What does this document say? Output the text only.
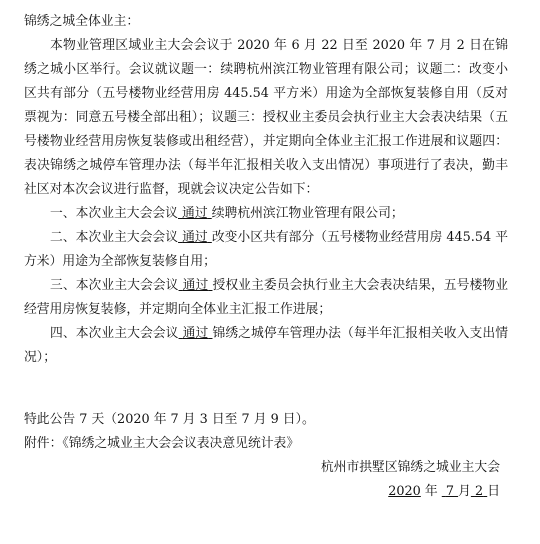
锦绣之城全体业主：

本物业管理区域业主大会会议于 2020 年 6 月 22 日至 2020 年 7 月 2 日在锦绣之城小区举行。会议就议题一：续聘杭州滨江物业管理有限公司；议题二：改变小区共有部分（五号楼物业经营用房 445.54 平方米）用途为全部恢复装修自用（反对票视为：同意五号楼全部出租）；议题三：授权业主委员会执行业主大会表决结果（五号楼物业经营用房恢复装修或出租经营），并定期向全体业主汇报工作进展和议题四：表决锦绣之城停车管理办法（每半年汇报相关收入支出情况）事项进行了表决，勤丰社区对本次会议进行监督，现就会议决定公告如下：

一、本次业主大会会议 通过 续聘杭州滨江物业管理有限公司；

二、本次业主大会会议 通过 改变小区共有部分（五号楼物业经营用房 445.54 平方米）用途为全部恢复装修自用；

三、本次业主大会会议 通过 授权业主委员会执行业主大会表决结果，五号楼物业经营用房恢复装修，并定期向全体业主汇报工作进展；

四、本次业主大会会议 通过 锦绣之城停车管理办法（每半年汇报相关收入支出情况）；

特此公告 7 天（2020 年 7 月 3 日至 7 月 9 日）。

附件：《锦绣之城业主大会会议表决意见统计表》

杭州市拱墅区锦绣之城业主大会

2020 年 7 月 2 日
